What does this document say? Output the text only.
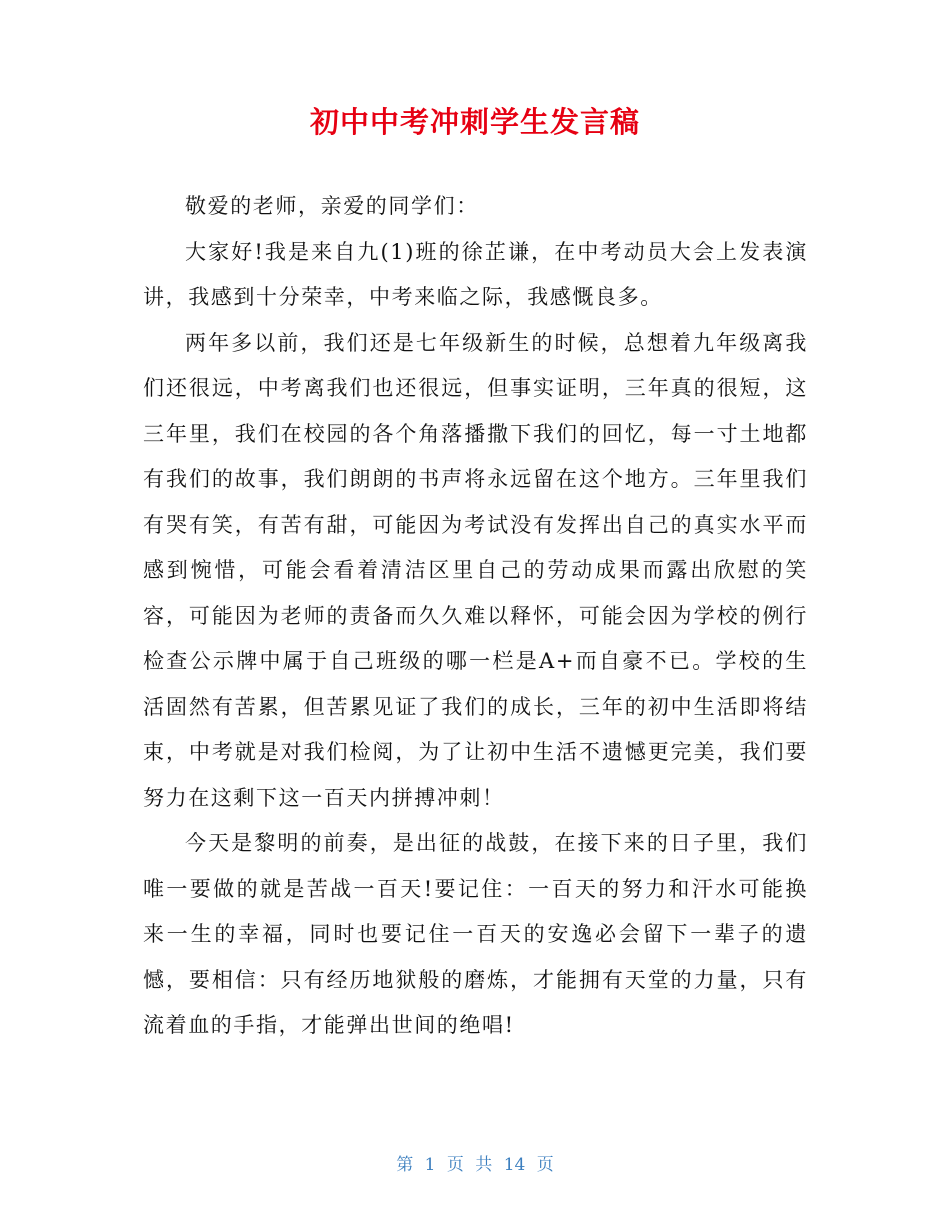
初中中考冲刺学生发言稿

敬爱的老师，亲爱的同学们：

大家好!我是来自九(1)班的徐芷谦，在中考动员大会上发表演讲，我感到十分荣幸，中考来临之际，我感慨良多。

两年多以前，我们还是七年级新生的时候，总想着九年级离我们还很远，中考离我们也还很远，但事实证明，三年真的很短，这三年里，我们在校园的各个角落播撒下我们的回忆，每一寸土地都有我们的故事，我们朗朗的书声将永远留在这个地方。三年里我们有哭有笑，有苦有甜，可能因为考试没有发挥出自己的真实水平而感到惋惜，可能会看着清洁区里自己的劳动成果而露出欣慰的笑容，可能因为老师的责备而久久难以释怀，可能会因为学校的例行检查公示牌中属于自己班级的哪一栏是A+而自豪不已。学校的生活固然有苦累，但苦累见证了我们的成长，三年的初中生活即将结束，中考就是对我们检阅，为了让初中生活不遗憾更完美，我们要努力在这剩下这一百天内拼搏冲刺！

今天是黎明的前奏，是出征的战鼓，在接下来的日子里，我们唯一要做的就是苦战一百天!要记住：一百天的努力和汗水可能换来一生的幸福，同时也要记住一百天的安逸必会留下一辈子的遗憾，要相信：只有经历地狱般的磨炼，才能拥有天堂的力量，只有流着血的手指，才能弹出世间的绝唱!

第 1 页 共 14 页
